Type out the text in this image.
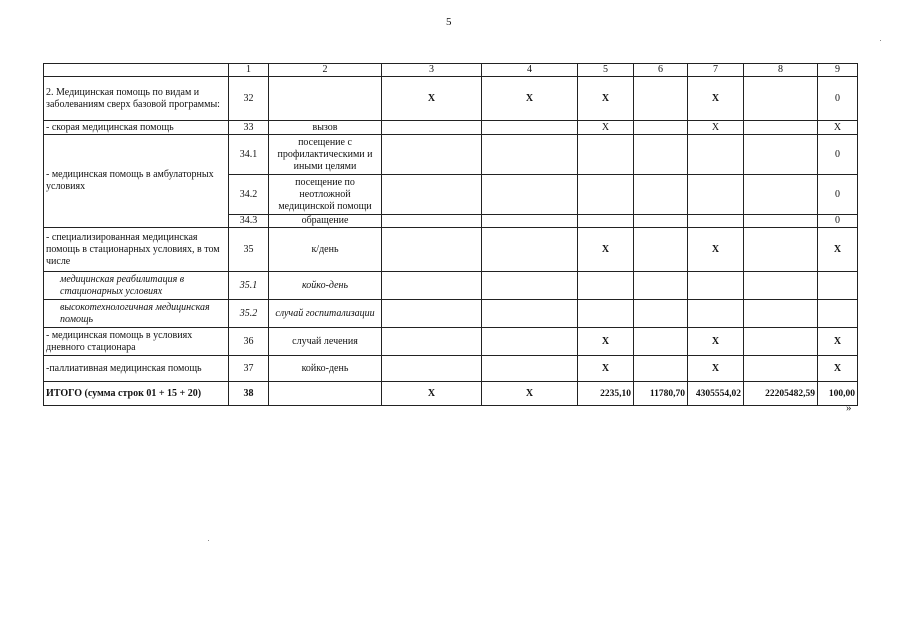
5
	1	2	3	4	5	6	7	8	9
2. Медицинская помощь по видам и заболеваниям сверх базовой программы:	32		X	X	X		X		0
- скорая медицинская помощь	33	вызов			X		X		X
- медицинская помощь в амбулаторных условиях	34.1	посещение с профилактическими и иными целями							0
	34.2	посещение по неотложной медицинской помощи							0
	34.3	обращение							0
- специализированная медицинская помощь в стационарных условиях, в том числе	35	к/день			X		X		X
медицинская реабилитация в стационарных условиях	35.1	койко-день							
высокотехнологичная медицинская помощь	35.2	случай госпитализации							
- медицинская помощь в условиях дневного стационара	36	случай лечения			X		X		X
-паллиативная медицинская помощь	37	койко-день			X		X		X
ИТОГО (сумма строк 01 + 15 + 20)	38		X	X	2235,10	11780,70	4305554,02	22205482,59	100,00
»
